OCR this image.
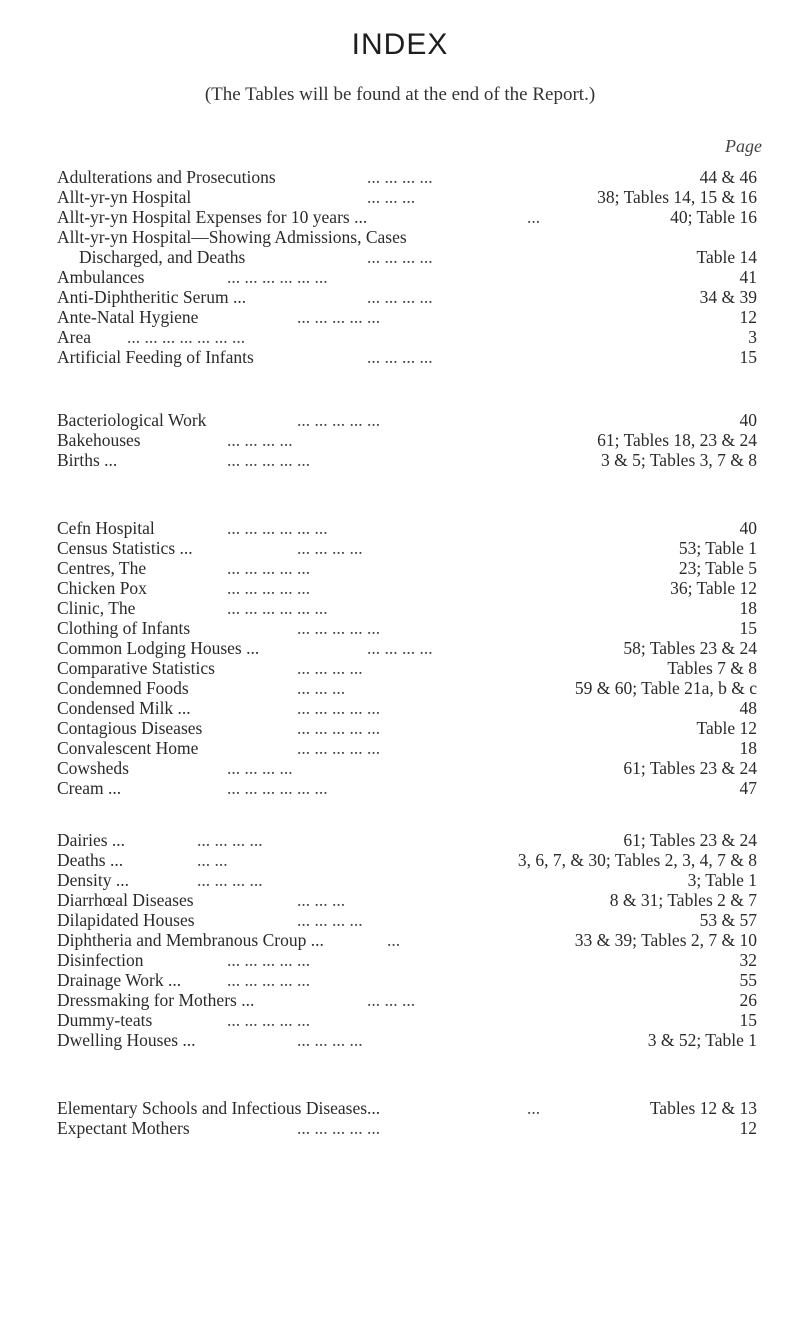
INDEX
(The Tables will be found at the end of the Report.)
Page
Adulterations and Prosecutions	... ... ... ...	44 & 46
Allt-yr-yn Hospital	... ... ...	38; Tables 14, 15 & 16
Allt-yr-yn Hospital Expenses for 10 years ...	...	40; Table 16
Allt-yr-yn Hospital—Showing Admissions, Cases
Discharged, and Deaths	... ... ... ...	Table 14
Ambulances	... ... ... ... ... ...	41
Anti-Diphtheritic Serum ...	... ... ... ...	34 & 39
Ante-Natal Hygiene	... ... ... ... ...	12
Area ... ... ... ... ... ... ...	3
Artificial Feeding of Infants	... ... ... ...	15
Bacteriological Work	... ... ... ... ...	40
Bakehouses	... ... ... ...	61; Tables 18, 23 & 24
Births ...	... ... ... ... ...	3 & 5; Tables 3, 7 & 8
Cefn Hospital	... ... ... ... ... ...	40
Census Statistics ...	... ... ... ...	53; Table 1
Centres, The	... ... ... ... ...	23; Table 5
Chicken Pox	... ... ... ... ...	36; Table 12
Clinic, The	... ... ... ... ... ...	18
Clothing of Infants	... ... ... ... ...	15
Common Lodging Houses ...	... ... ... ...	58; Tables 23 & 24
Comparative Statistics	... ... ... ...	Tables 7 & 8
Condemned Foods	... ... ...	59 & 60; Table 21a, b & c
Condensed Milk ...	... ... ... ... ...	48
Contagious Diseases	... ... ... ... ...	Table 12
Convalescent Home	... ... ... ... ...	18
Cowsheds	... ... ... ...	61; Tables 23 & 24
Cream ...	... ... ... ... ... ...	47
Dairies ...	... ... ... ...	61; Tables 23 & 24
Deaths ...	... ...	3, 6, 7, & 30; Tables 2, 3, 4, 7 & 8
Density ...	... ... ... ...	3; Table 1
Diarrhœal Diseases	... ... ...	8 & 31; Tables 2 & 7
Dilapidated Houses	... ... ... ...	53 & 57
Diphtheria and Membranous Croup ...	...	33 & 39; Tables 2, 7 & 10
Disinfection	... ... ... ... ...	32
Drainage Work ...	... ... ... ... ...	55
Dressmaking for Mothers ...	... ... ...	26
Dummy-teats	... ... ... ... ...	15
Dwelling Houses ...	... ... ... ...	3 & 52; Table 1
Elementary Schools and Infectious Diseases...	...	Tables 12 & 13
Expectant Mothers	... ... ... ... ...	12
